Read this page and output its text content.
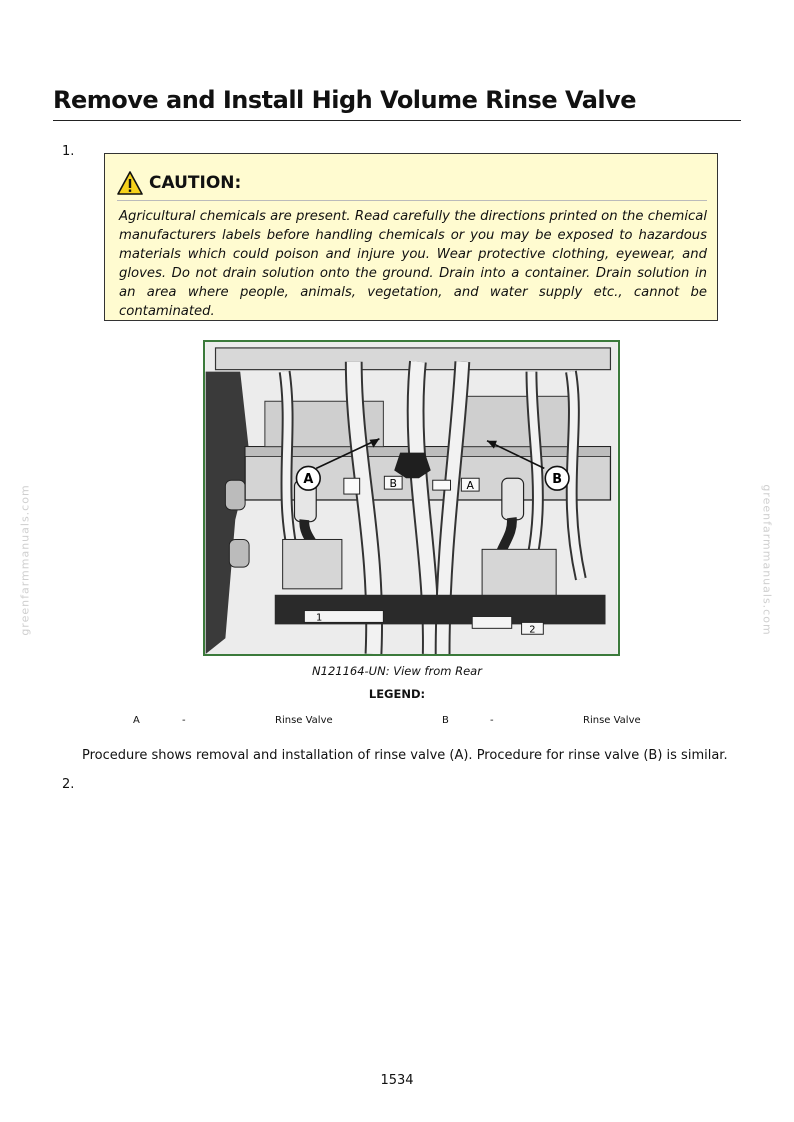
Remove and Install High Volume Rinse Valve
1.
CAUTION:
Agricultural chemicals are present. Read carefully the directions printed on the chemical manufacturers labels before handling chemicals or you may be exposed to hazardous materials which could poison and injure you. Wear protective clothing, eyewear, and gloves. Do not drain solution onto the ground. Drain into a container. Drain solution in an area where people, animals, vegetation, and water supply etc., cannot be contaminated.
A	B
B	A
1
2
N121164-UN: View from Rear
LEGEND:
A	-	Rinse Valve	B	-	Rinse Valve
Procedure shows removal and installation of rinse valve (A). Procedure for rinse valve (B) is similar.
2.
greenfarmmanuals.com	greenfarmmanuals.com
1534
